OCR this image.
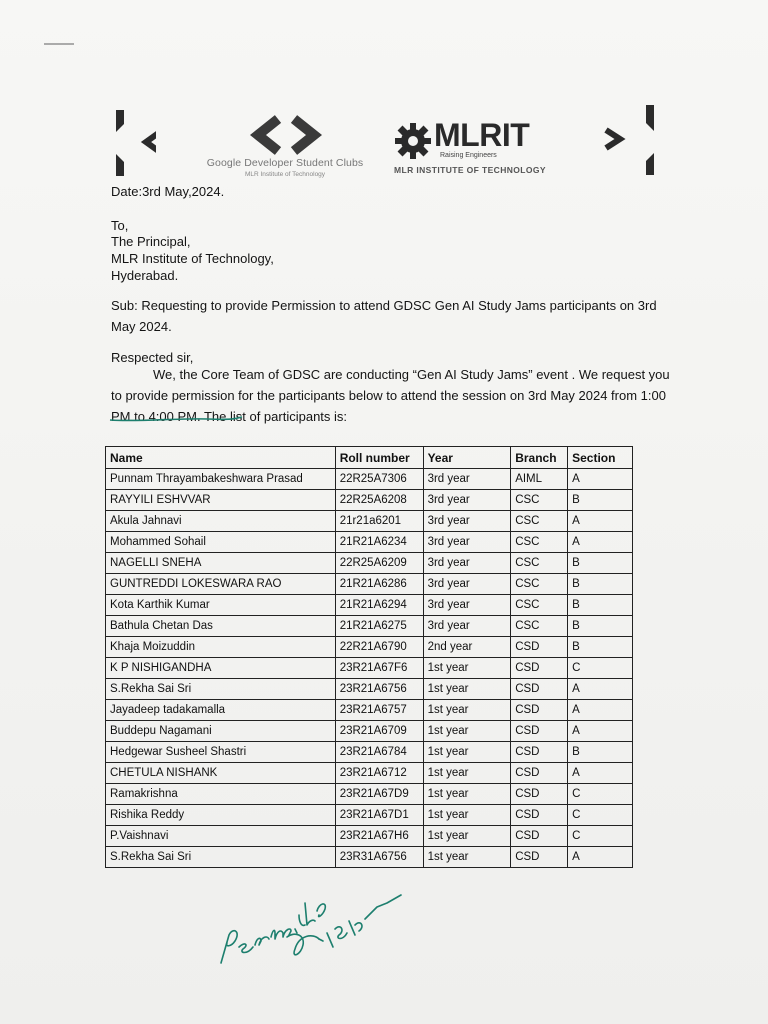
Google Developer Student Clubs
MLR Institute of Technology
MLRIT
Raising Engineers
MLR INSTITUTE OF TECHNOLOGY
Date:3rd May,2024.
To,
The Principal,
MLR Institute of Technology,
Hyderabad.
Sub: Requesting to provide Permission to attend GDSC Gen AI Study Jams participants on 3rd May 2024.
Respected sir,
We, the Core Team of GDSC are conducting “Gen AI Study Jams” event . We request you to provide permission for the participants below to attend the session on 3rd May 2024 from 1:00 PM to 4:00 PM. The list of participants is:
Name	Roll number	Year	Branch	Section
Punnam Thrayambakeshwara Prasad	22R25A7306	3rd year	AIML	A
RAYYILI ESHVVAR	22R25A6208	3rd year	CSC	B
Akula Jahnavi	21r21a6201	3rd year	CSC	A
Mohammed Sohail	21R21A6234	3rd year	CSC	A
NAGELLI SNEHA	22R25A6209	3rd year	CSC	B
GUNTREDDI LOKESWARA RAO	21R21A6286	3rd year	CSC	B
Kota Karthik Kumar	21R21A6294	3rd year	CSC	B
Bathula Chetan Das	21R21A6275	3rd year	CSC	B
Khaja Moizuddin	22R21A6790	2nd year	CSD	B
K P NISHIGANDHA	23R21A67F6	1st year	CSD	C
S.Rekha Sai Sri	23R21A6756	1st year	CSD	A
Jayadeep tadakamalla	23R21A6757	1st year	CSD	A
Buddepu Nagamani	23R21A6709	1st year	CSD	A
Hedgewar Susheel Shastri	23R21A6784	1st year	CSD	B
CHETULA NISHANK	23R21A6712	1st year	CSD	A
Ramakrishna	23R21A67D9	1st year	CSD	C
Rishika Reddy	23R21A67D1	1st year	CSD	C
P.Vaishnavi	23R21A67H6	1st year	CSD	C
S.Rekha Sai Sri	23R31A6756	1st year	CSD	A
